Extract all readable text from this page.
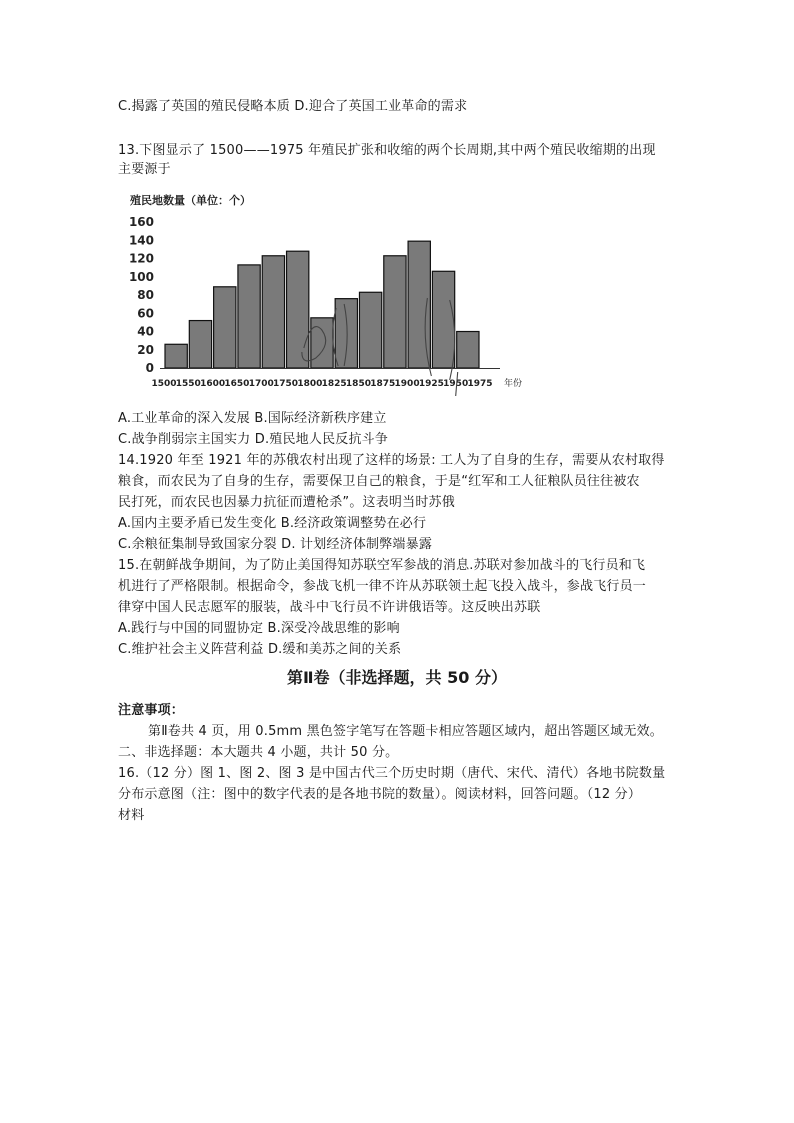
C.揭露了英国的殖民侵略本质 D.迎合了英国工业革命的需求
13.下图显示了 1500——1975 年殖民扩张和收缩的两个长周期,其中两个殖民收缩期的出现
主要源于
殖民地数量（单位：个）
0
20
40
60
80
100
120
140
160
1500 1550 1600 1650 1700 1750 1800 1825 1850 1875 1900 1925 1950 1975 年份
A.工业革命的深入发展 B.国际经济新秩序建立
C.战争削弱宗主国实力 D.殖民地人民反抗斗争
14.1920 年至 1921 年的苏俄农村出现了这样的场景: 工人为了自身的生存，需要从农村取得
粮食，而农民为了自身的生存，需要保卫自己的粮食，于是“红军和工人征粮队员往往被农
民打死，而农民也因暴力抗征而遭枪杀”。这表明当时苏俄
A.国内主要矛盾已发生变化 B.经济政策调整势在必行
C.余粮征集制导致国家分裂 D. 计划经济体制弊端暴露
15.在朝鲜战争期间，为了防止美国得知苏联空军参战的消息.苏联对参加战斗的飞行员和飞
机进行了严格限制。根据命令，参战飞机一律不许从苏联领土起飞投入战斗，参战飞行员一
律穿中国人民志愿军的服装，战斗中飞行员不许讲俄语等。这反映出苏联
A.践行与中国的同盟协定 B.深受冷战思维的影响
C.维护社会主义阵营利益 D.缓和美苏之间的关系
第Ⅱ卷（非选择题，共 50 分）
注意事项：
第Ⅱ卷共 4 页，用 0.5mm 黑色签字笔写在答题卡相应答题区域内，超出答题区域无效。
二、非选择题：本大题共 4 小题，共计 50 分。
16.（12 分）图 1、图 2、图 3 是中国古代三个历史时期（唐代、宋代、清代）各地书院数量
分布示意图（注：图中的数字代表的是各地书院的数量）。阅读材料，回答问题。（12 分）
材料
